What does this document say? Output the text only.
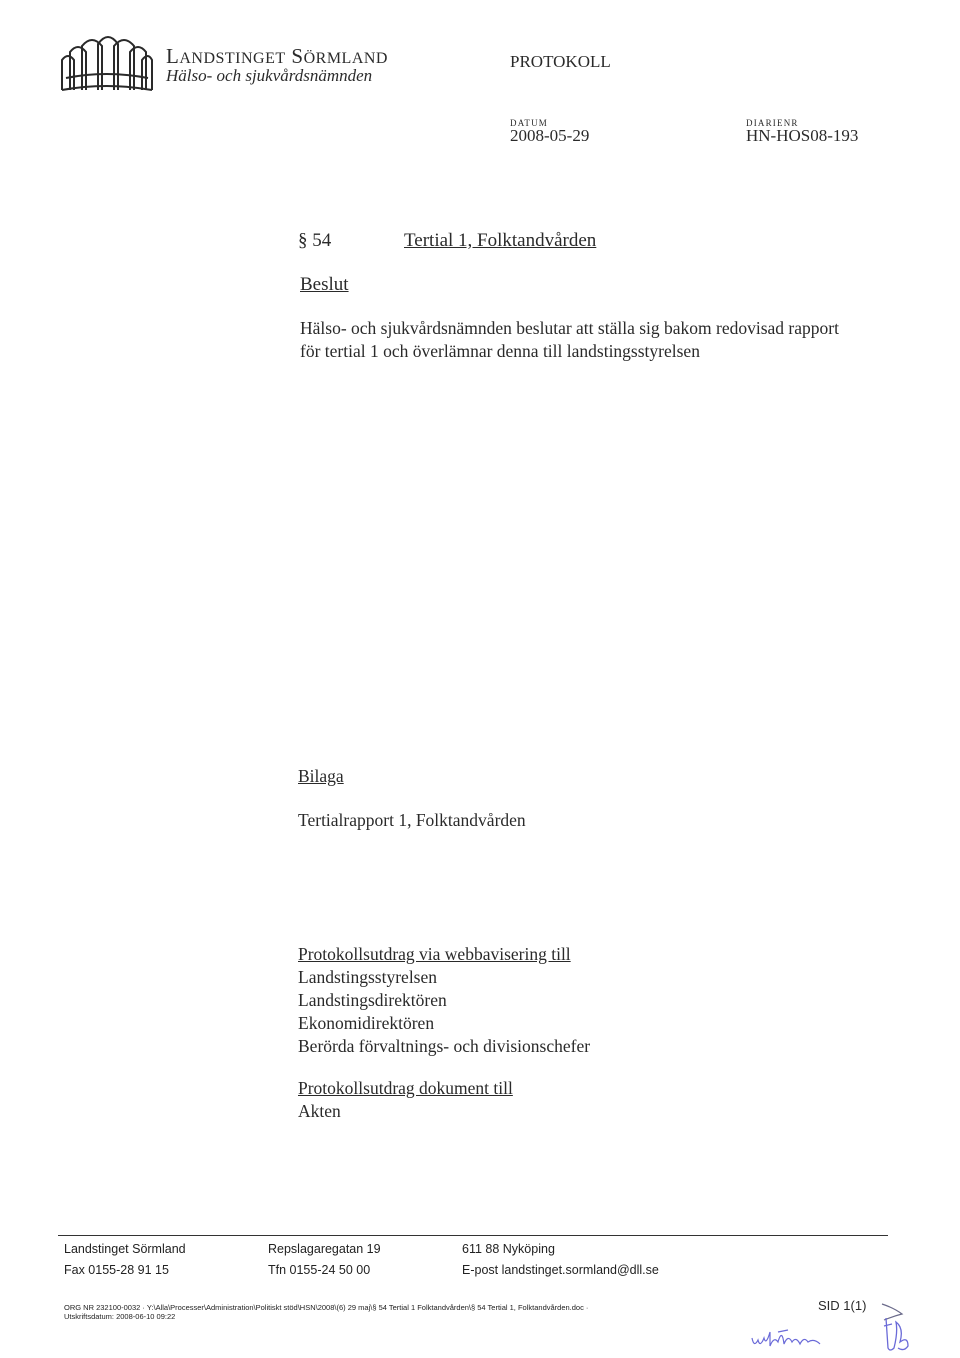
LANDSTINGET SÖRMLAND
Hälso- och sjukvårdsnämnden
PROTOKOLL
DATUM
2008-05-29
DIARIENR
HN-HOS08-193
§ 54	Tertial 1, Folktandvården
Beslut
Hälso- och sjukvårdsnämnden beslutar att ställa sig bakom redovisad rapport för tertial 1 och överlämnar denna till landstingsstyrelsen
Bilaga
Tertialrapport 1, Folktandvården
Protokollsutdrag via webbavisering till
Landstingsstyrelsen
Landstingsdirektören
Ekonomidirektören
Berörda förvaltnings- och divisionschefer
Protokollsutdrag dokument till
Akten
Landstinget Sörmland
Fax 0155-28 91 15
Repslagaregatan 19
Tfn 0155-24 50 00
611 88 Nyköping
E-post landstinget.sormland@dll.se
ORG NR 232100-0032 · Y:\Alla\Processer\Administration\Politiskt stöd\HSN\2008\(6) 29 maj\§ 54 Tertial 1 Folktandvården\§ 54 Tertial 1, Folktandvården.doc ·
Utskriftsdatum: 2008-06-10 09:22
SID 1(1)
